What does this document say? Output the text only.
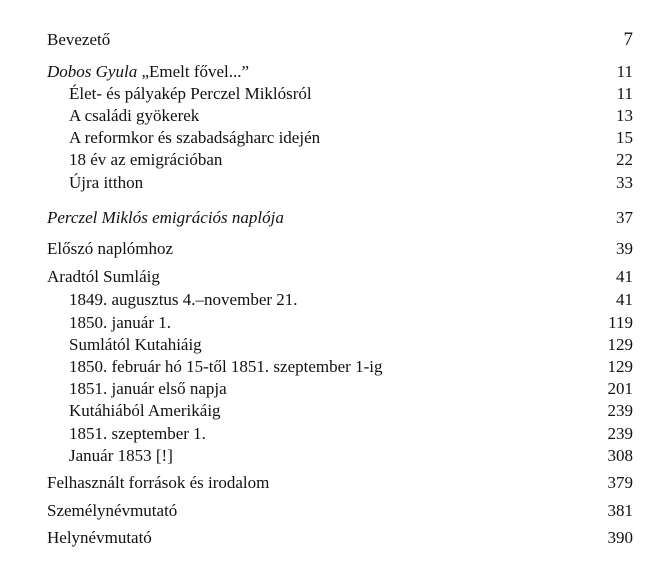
Bevezető	7
Dobos Gyula „Emelt fővel...”	11
Élet- és pályakép Perczel Miklósról	11
A családi gyökerek	13
A reformkor és szabadságharc idején	15
18 év az emigrációban	22
Újra itthon	33
Perczel Miklós emigrációs naplója	37
Előszó naplómhoz	39
Aradtól Sumláig	41
1849. augusztus 4.–november 21.	41
1850. január 1.	119
Sumlától Kutahiáig	129
1850. február hó 15-től 1851. szeptember 1-ig	129
1851. január első napja	201
Kutáhiából Amerikáig	239
1851. szeptember 1.	239
Január 1853 [!]	308
Felhasznált források és irodalom	379
Személynévmutató	381
Helynévmutató	390
